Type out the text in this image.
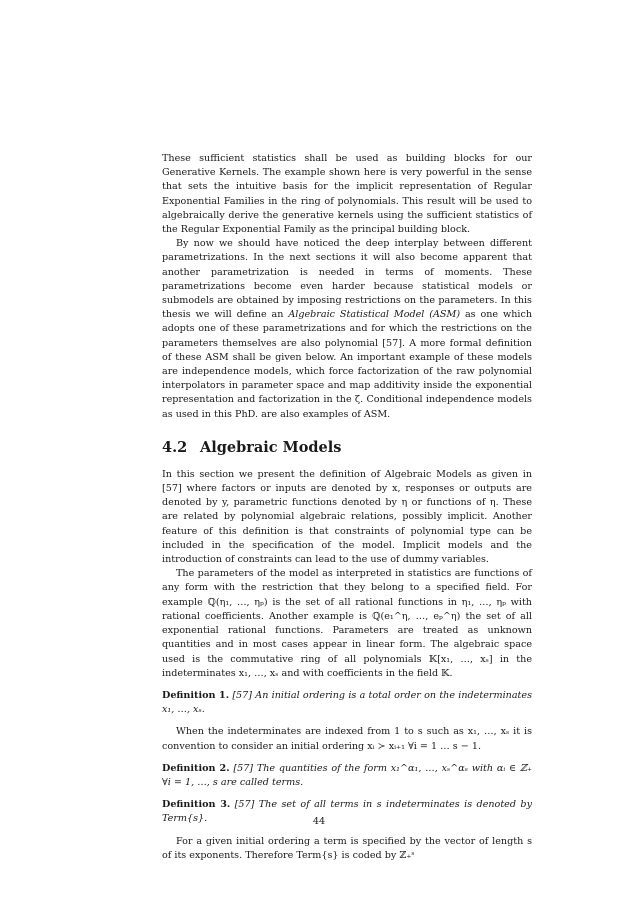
These sufficient statistics shall be used as building blocks for our Generative Kernels. The example shown here is very powerful in the sense that sets the intuitive basis for the implicit representation of Regular Exponential Families in the ring of polynomials. This result will be used to algebraically derive the generative kernels using the sufficient statistics of the Regular Exponential Family as the principal building block.

By now we should have noticed the deep interplay between different parametrizations. In the next sections it will also become apparent that another parametrization is needed in terms of moments. These parametrizations become even harder because statistical models or submodels are obtained by imposing restrictions on the parameters. In this thesis we will define an Algebraic Statistical Model (ASM) as one which adopts one of these parametrizations and for which the restrictions on the parameters themselves are also polynomial [57]. A more formal definition of these ASM shall be given below. An important example of these models are independence models, which force factorization of the raw polynomial interpolators in parameter space and map additivity inside the exponential representation and factorization in the ζ. Conditional independence models as used in this PhD. are also examples of ASM.

4.2 Algebraic Models

In this section we present the definition of Algebraic Models as given in [57] where factors or inputs are denoted by x, responses or outputs are denoted by y, parametric functions denoted by η or functions of η. These are related by polynomial algebraic relations, possibly implicit. Another feature of this definition is that constraints of polynomial type can be included in the specification of the model. Implicit models and the introduction of constraints can lead to the use of dummy variables.

The parameters of the model as interpreted in statistics are functions of any form with the restriction that they belong to a specified field. For example ℚ(η₁, …, ηₚ) is the set of all rational functions in η₁, …, ηₚ with rational coefficients. Another example is ℚ(e₁^η, …, eₚ^η) the set of all exponential rational functions. Parameters are treated as unknown quantities and in most cases appear in linear form. The algebraic space used is the commutative ring of all polynomials 𝕂[x₁, …, xₛ] in the indeterminates x₁, …, xₛ and with coefficients in the field 𝕂.

Definition 1. [57] An initial ordering is a total order on the indeterminates x₁, …, xₛ.

When the indeterminates are indexed from 1 to s such as x₁, …, xₛ it is convention to consider an initial ordering xᵢ ≻ xᵢ₊₁ ∀i = 1 … s − 1.

Definition 2. [57] The quantities of the form x₁^α₁, …, xₛ^αₛ with αᵢ ∈ ℤ₊ ∀i = 1, …, s are called terms.

Definition 3. [57] The set of all terms in s indeterminates is denoted by Term{s}.

For a given initial ordering a term is specified by the vector of length s of its exponents. Therefore Term{s} is coded by ℤ₊ˢ

44
